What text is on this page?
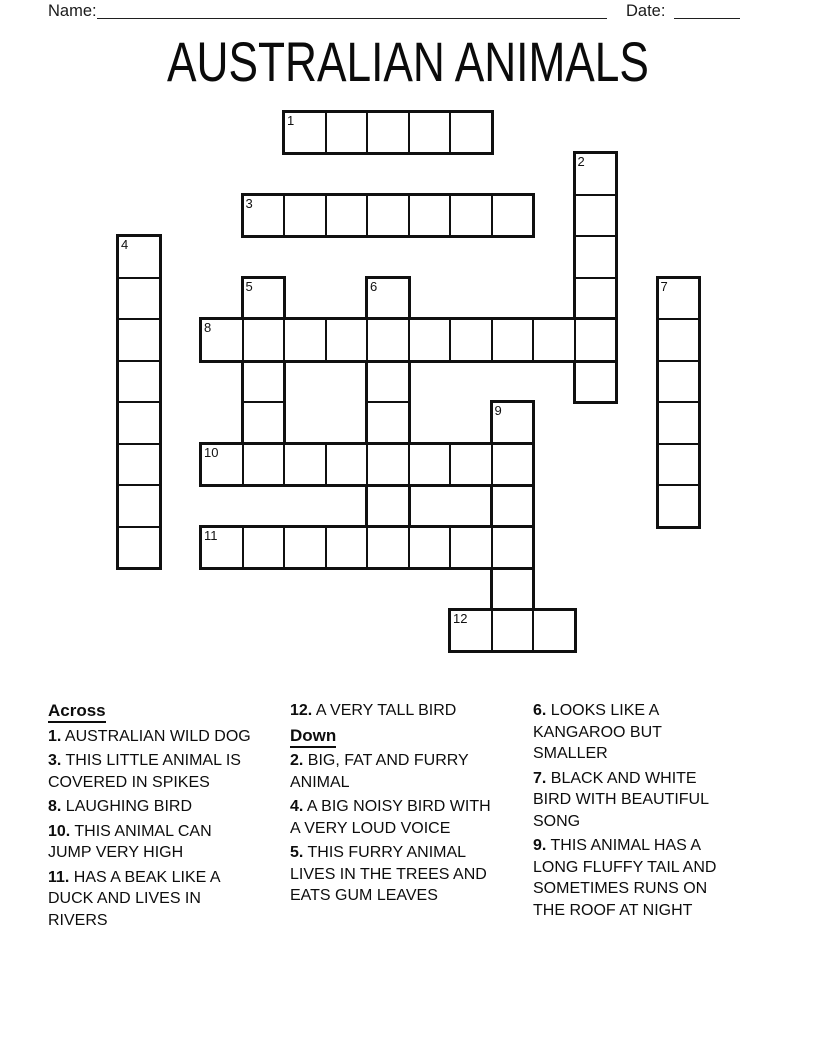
Name:	Date:
AUSTRALIAN ANIMALS
1
2
3
4
5	6	7
8
9
10
11
12
Across
1. AUSTRALIAN WILD DOG
3. THIS LITTLE ANIMAL IS COVERED IN SPIKES
8. LAUGHING BIRD
10. THIS ANIMAL CAN JUMP VERY HIGH
11. HAS A BEAK LIKE A DUCK AND LIVES IN RIVERS
12. A VERY TALL BIRD
Down
2. BIG, FAT AND FURRY ANIMAL
4. A BIG NOISY BIRD WITH A VERY LOUD VOICE
5. THIS FURRY ANIMAL LIVES IN THE TREES AND EATS GUM LEAVES
6. LOOKS LIKE A KANGAROO BUT SMALLER
7. BLACK AND WHITE BIRD WITH BEAUTIFUL SONG
9. THIS ANIMAL HAS A LONG FLUFFY TAIL AND SOMETIMES RUNS ON THE ROOF AT NIGHT
